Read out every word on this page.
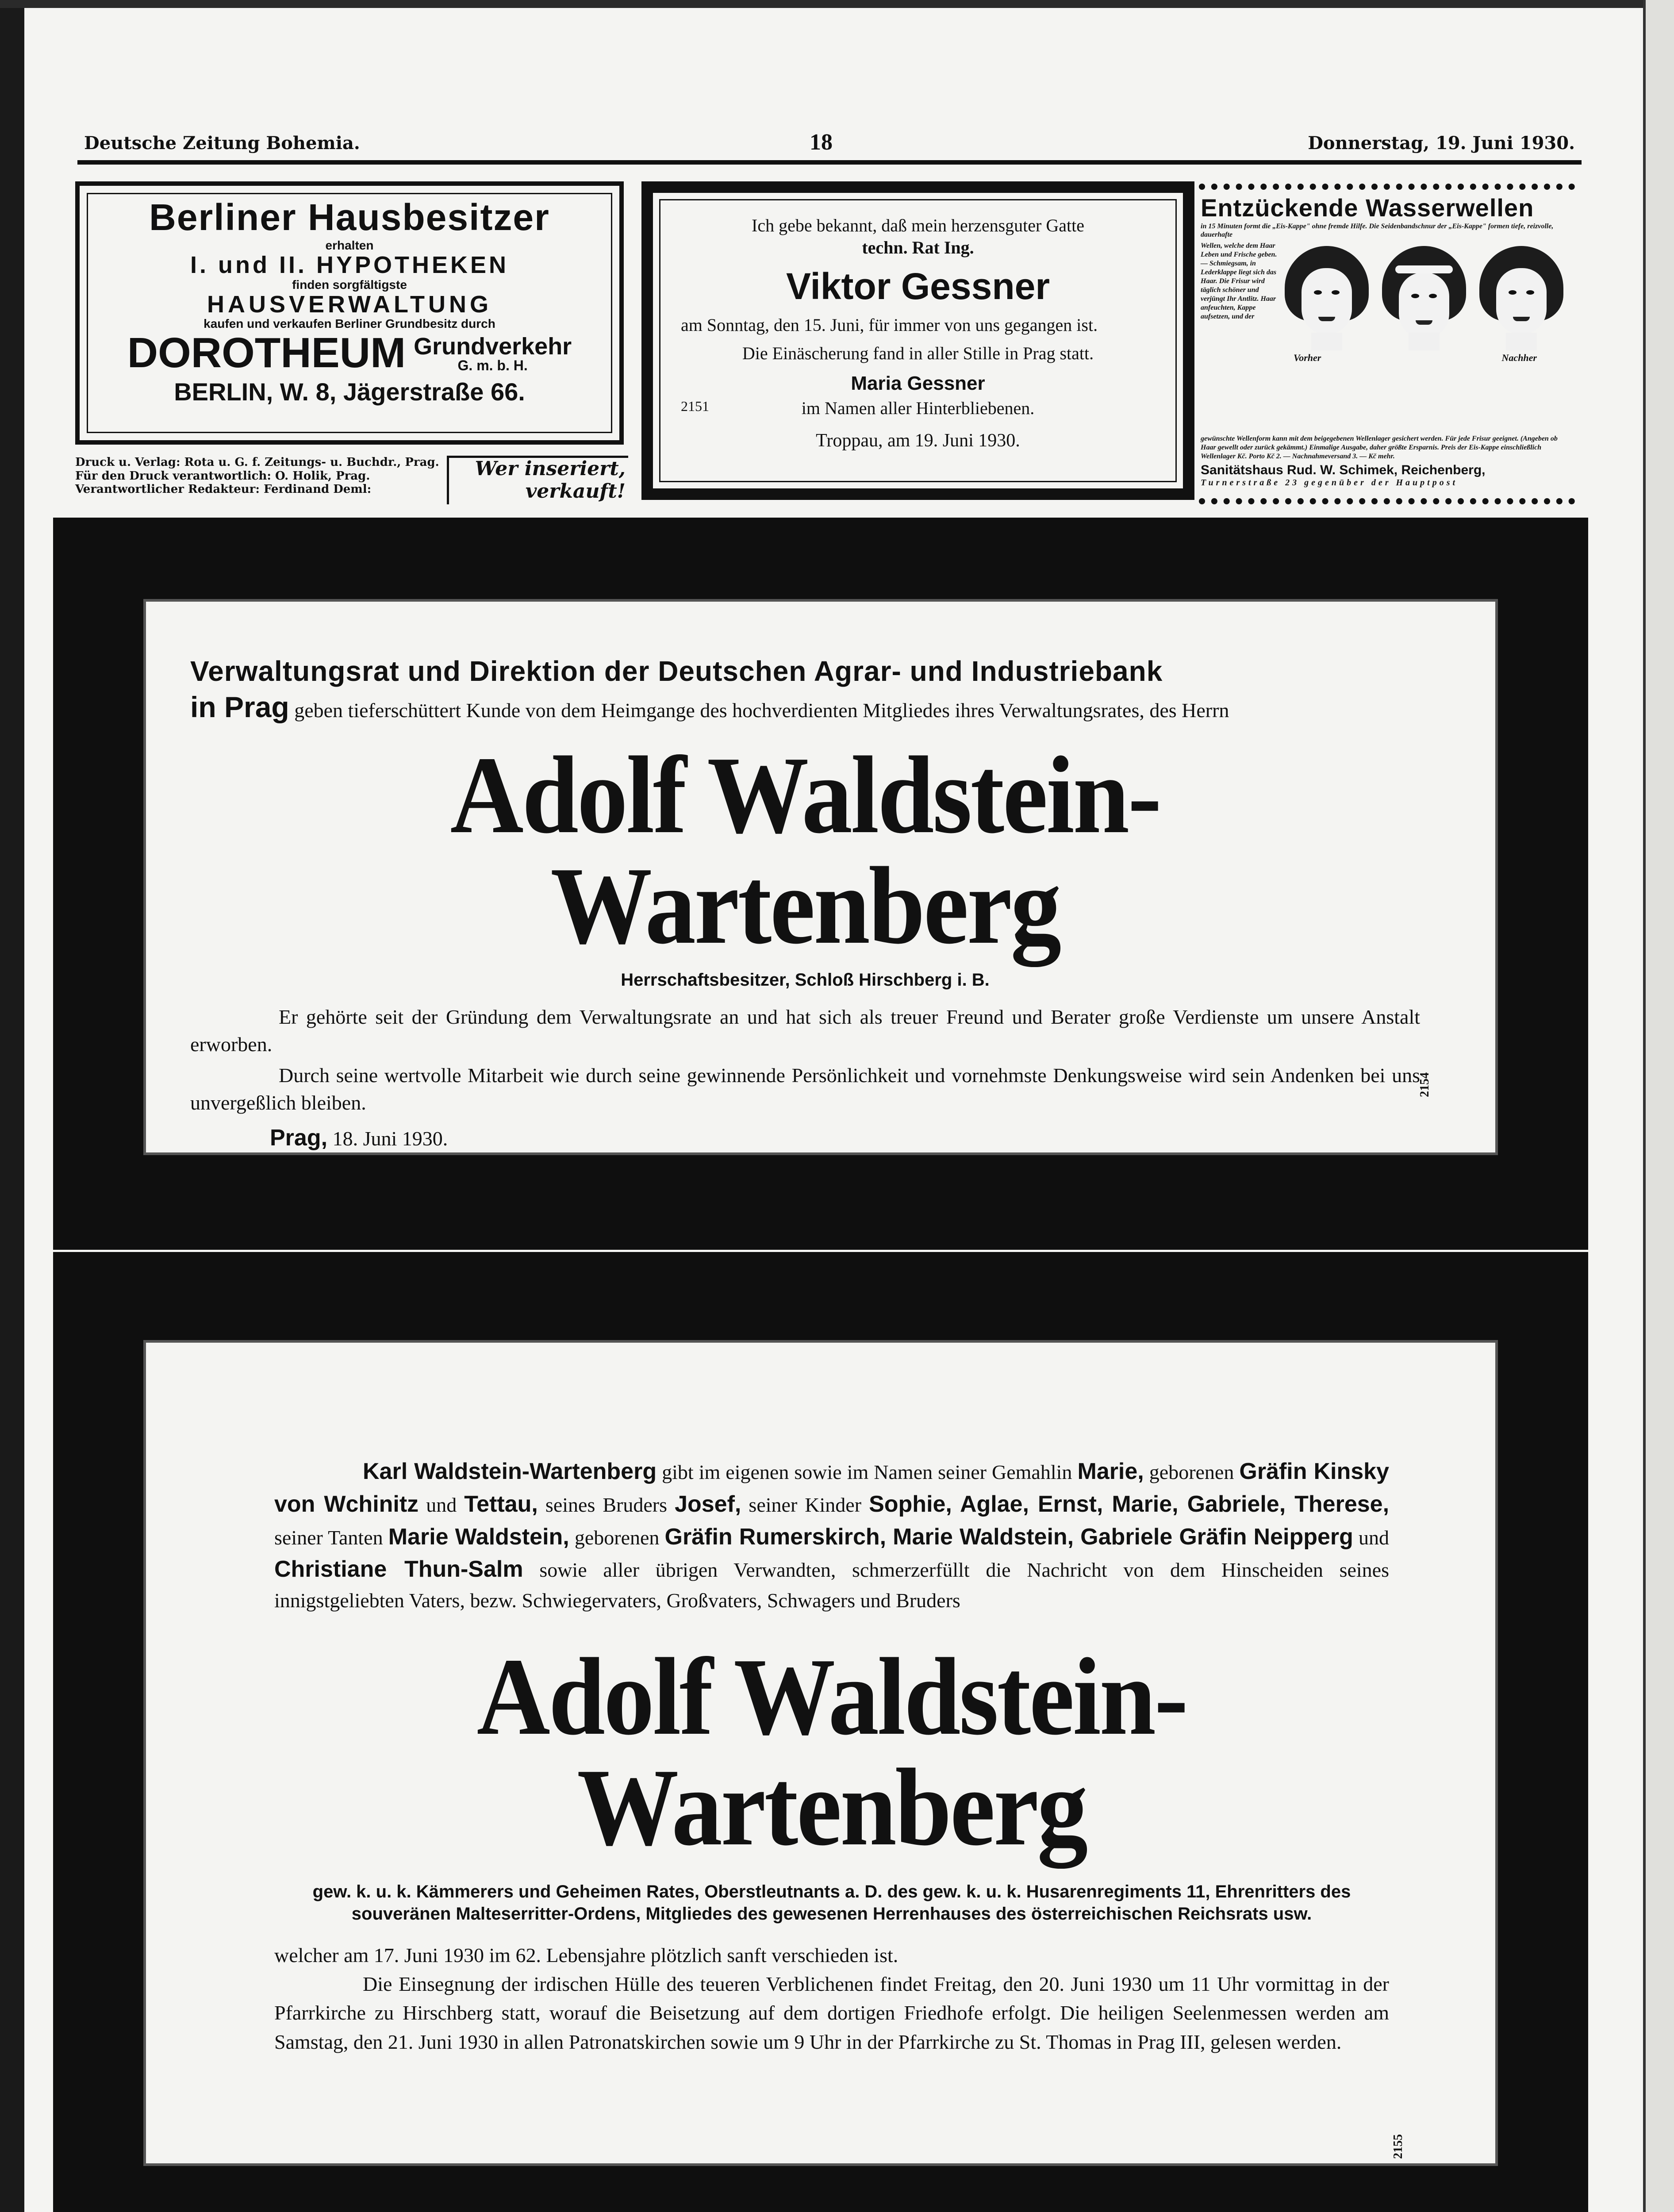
Deutsche Zeitung Bohemia.	18	Donnerstag, 19. Juni 1930.
Berliner Hausbesitzer
erhalten
I. und II. HYPOTHEKEN
finden sorgfältigste
HAUSVERWALTUNG
kaufen und verkaufen Berliner Grundbesitz durch
DOROTHEUM Grundverkehr
G. m. b. H.
BERLIN, W. 8, Jägerstraße 66.
Druck u. Verlag: Rota u. G. f. Zeitungs- u. Buchdr., Prag.
Für den Druck verantwortlich: O. Holik, Prag.
Verantwortlicher Redakteur: Ferdinand Deml:
Wer inseriert,
verkauft!
Ich gebe bekannt, daß mein herzensguter Gatte
techn. Rat Ing.
Viktor Gessner
am Sonntag, den 15. Juni, für immer von uns gegangen ist.
Die Einäscherung fand in aller Stille in Prag statt.
Maria Gessner
2151	im Namen aller Hinterbliebenen.
Troppau, am 19. Juni 1930.
Entzückende Wasserwellen
in 15 Minuten formt die „Eis-Kappe" ohne fremde Hilfe. Die Seidenbandschnur der „Eis-Kappe" formen tiefe, reizvolle, dauerhafte
Wellen, welche dem Haar Leben und Frische geben. — Schmiegsam, in Lederklappe liegt sich das Haar. Die Frisur wird täglich schöner und verjüngt Ihr Antlitz. Haar anfeuchten, Kappe aufsetzen, und der
Vorher	Nachher
gewünschte Wellenform kann mit dem beigegebenen Wellenlager gesichert werden. Für jede Frisur geeignet. (Angeben ob Haar gewellt oder zurück gekämmt.) Einmalige Ausgabe, daher größte Ersparnis. Preis der Eis-Kappe einschließlich Wellenlager Kč. Porto Kč 2. — Nachnahmeversand 3. — Kč mehr.
Sanitätshaus Rud. W. Schimek, Reichenberg,
Turnerstraße 23 gegenüber der Hauptpost
Verwaltungsrat und Direktion der Deutschen Agrar- und Industriebank
in Prag geben tieferschüttert Kunde von dem Heimgange des hochverdienten Mitgliedes ihres Verwaltungsrates, des Herrn
Adolf Waldstein-Wartenberg
Herrschaftsbesitzer, Schloß Hirschberg i. B.
Er gehörte seit der Gründung dem Verwaltungsrate an und hat sich als treuer Freund und Berater große Verdienste um unsere Anstalt erworben.
Durch seine wertvolle Mitarbeit wie durch seine gewinnende Persönlichkeit und vornehmste Denkungsweise wird sein Andenken bei uns unvergeßlich bleiben.
Prag, 18. Juni 1930.
2154
Karl Waldstein-Wartenberg gibt im eigenen sowie im Namen seiner Gemahlin Marie, geborenen Gräfin Kinsky von Wchinitz und Tettau, seines Bruders Josef, seiner Kinder Sophie, Aglae, Ernst, Marie, Gabriele, Therese, seiner Tanten Marie Waldstein, geborenen Gräfin Rumerskirch, Marie Waldstein, Gabriele Gräfin Neipperg und Christiane Thun-Salm sowie aller übrigen Verwandten, schmerzerfüllt die Nachricht von dem Hinscheiden seines innigstgeliebten Vaters, bezw. Schwiegervaters, Großvaters, Schwagers und Bruders
Adolf Waldstein-Wartenberg
gew. k. u. k. Kämmerers und Geheimen Rates, Oberstleutnants a. D. des gew. k. u. k. Husarenregiments 11, Ehrenritters des souveränen Malteserritter-Ordens, Mitgliedes des gewesenen Herrenhauses des österreichischen Reichsrats usw.
welcher am 17. Juni 1930 im 62. Lebensjahre plötzlich sanft verschieden ist.
Die Einsegnung der irdischen Hülle des teueren Verblichenen findet Freitag, den 20. Juni 1930 um 11 Uhr vormittag in der Pfarrkirche zu Hirschberg statt, worauf die Beisetzung auf dem dortigen Friedhofe erfolgt. Die heiligen Seelenmessen werden am Samstag, den 21. Juni 1930 in allen Patronatskirchen sowie um 9 Uhr in der Pfarrkirche zu St. Thomas in Prag III, gelesen werden.
2155
